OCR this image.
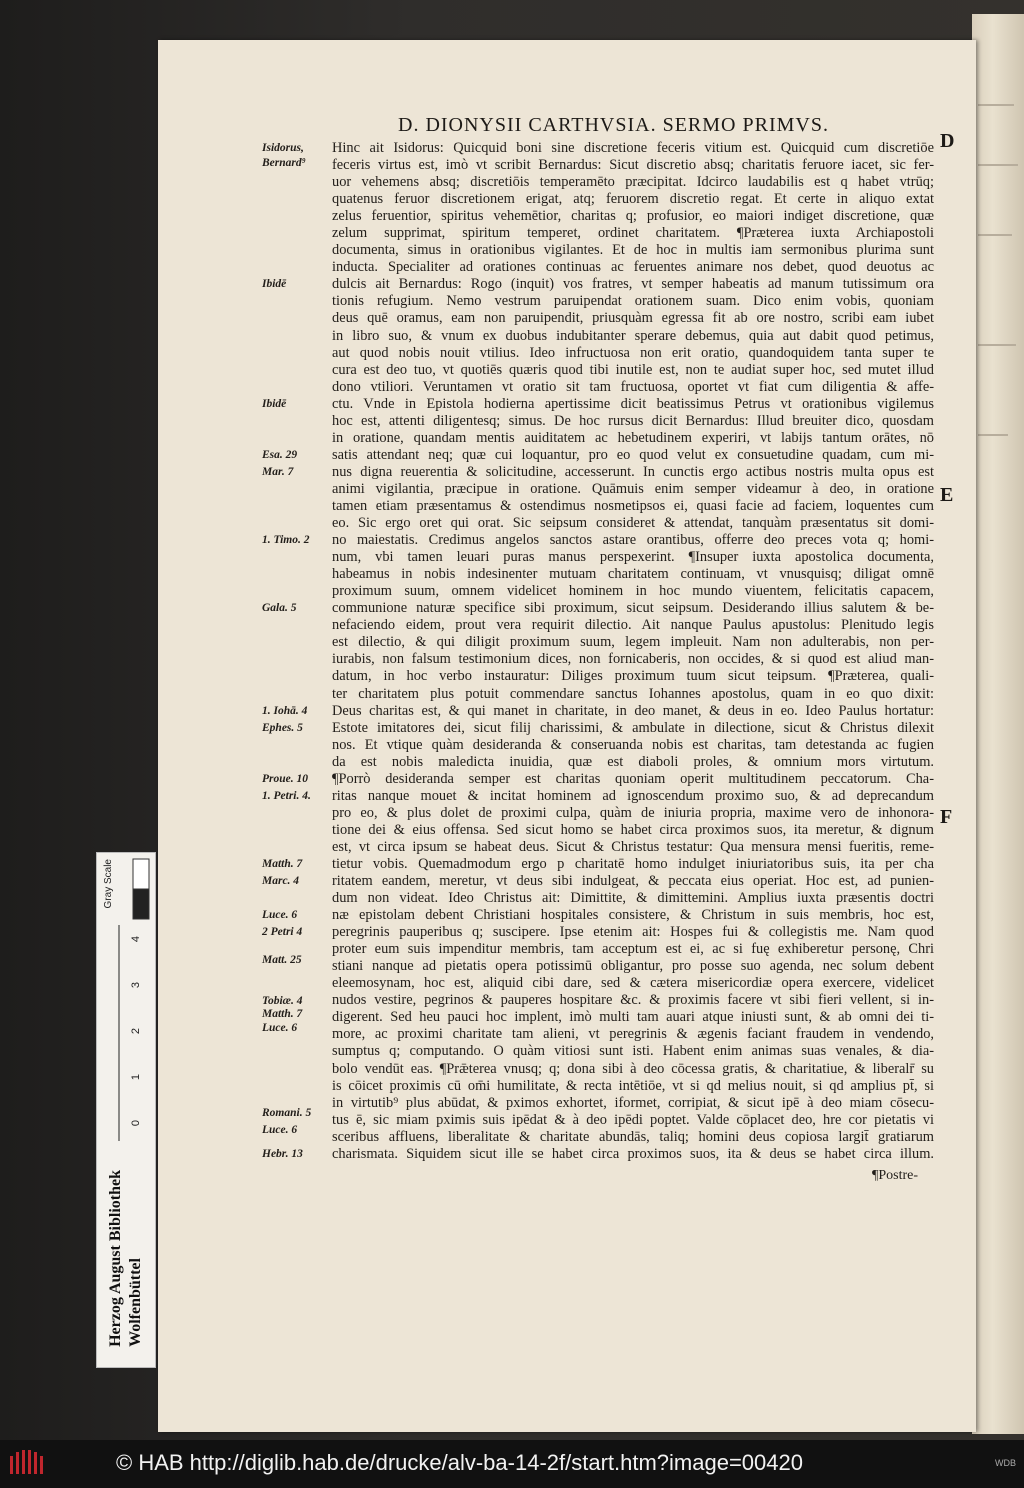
D. DIONYSII CARTHVSIA. SERMO PRIMVS.
D
E
F
Hinc ait Isidorus: Quicquid boni sine discretione feceris vitium est. Quicquid cum discretiōe
feceris virtus est, imò vt scribit Bernardus: Sicut discretio absq; charitatis feruore iacet, sic fer-
uor vehemens absq; discretiōis temperamēto præcipitat. Idcirco laudabilis est q habet vtrūq;
quatenus feruor discretionem erigat, atq; feruorem discretio regat. Et certe in aliquo extat
zelus feruentior, spiritus vehemētior, charitas q; profusior, eo maiori indiget discretione, quæ
zelum supprimat, spiritum temperet, ordinet charitatem. ¶Præterea iuxta Archiapostoli
documenta, simus in orationibus vigilantes. Et de hoc in multis iam sermonibus plurima sunt
inducta. Specialiter ad orationes continuas ac feruentes animare nos debet, quod deuotus ac
dulcis ait Bernardus: Rogo (inquit) vos fratres, vt semper habeatis ad manum tutissimum ora
tionis refugium. Nemo vestrum paruipendat orationem suam. Dico enim vobis, quoniam
deus quē oramus, eam non paruipendit, priusquàm egressa fit ab ore nostro, scribi eam iubet
in libro suo, & vnum ex duobus indubitanter sperare debemus, quia aut dabit quod petimus,
aut quod nobis nouit vtilius. Ideo infructuosa non erit oratio, quandoquidem tanta super te
cura est deo tuo, vt quotiēs quæris quod tibi inutile est, non te audiat super hoc, sed mutet illud
dono vtiliori. Veruntamen vt oratio sit tam fructuosa, oportet vt fiat cum diligentia & affe-
ctu. Vnde in Epistola hodierna apertissime dicit beatissimus Petrus vt orationibus vigilemus
hoc est, attenti diligentesq; simus. De hoc rursus dicit Bernardus: Illud breuiter dico, quosdam
in oratione, quandam mentis auiditatem ac hebetudinem experiri, vt labijs tantum orātes, nō
satis attendant neq; quæ cui loquantur, pro eo quod velut ex consuetudine quadam, cum mi-
nus digna reuerentia & solicitudine, accesserunt. In cunctis ergo actibus nostris multa opus est
animi vigilantia, præcipue in oratione. Quāmuis enim semper videamur à deo, in oratione
tamen etiam præsentamus & ostendimus nosmetipsos ei, quasi facie ad faciem, loquentes cum
eo. Sic ergo oret qui orat. Sic seipsum consideret & attendat, tanquàm præsentatus sit domi-
no maiestatis. Credimus angelos sanctos astare orantibus, offerre deo preces vota q; homi-
num, vbi tamen leuari puras manus perspexerint. ¶Insuper iuxta apostolica documenta,
habeamus in nobis indesinenter mutuam charitatem continuam, vt vnusquisq; diligat omnē
proximum suum, omnem videlicet hominem in hoc mundo viuentem, felicitatis capacem,
communione naturæ specifice sibi proximum, sicut seipsum. Desiderando illius salutem & be-
nefaciendo eidem, prout vera requirit dilectio. Ait nanque Paulus apustolus: Plenitudo legis
est dilectio, & qui diligit proximum suum, legem impleuit. Nam non adulterabis, non per-
iurabis, non falsum testimonium dices, non fornicaberis, non occides, & si quod est aliud man-
datum, in hoc verbo instauratur: Diliges proximum tuum sicut teipsum. ¶Præterea, quali-
ter charitatem plus potuit commendare sanctus Iohannes apostolus, quam in eo quo dixit:
Deus charitas est, & qui manet in charitate, in deo manet, & deus in eo. Ideo Paulus hortatur:
Estote imitatores dei, sicut filij charissimi, & ambulate in dilectione, sicut & Christus dilexit
nos. Et vtique quàm desideranda & conseruanda nobis est charitas, tam detestanda ac fugien
da est nobis maledicta inuidia, quæ est diaboli proles, & omnium mors virtutum.
¶Porrò desideranda semper est charitas quoniam operit multitudinem peccatorum. Cha-
ritas nanque mouet & incitat hominem ad ignoscendum proximo suo, & ad deprecandum
pro eo, & plus dolet de proximi culpa, quàm de iniuria propria, maxime vero de inhonora-
tione dei & eius offensa. Sed sicut homo se habet circa proximos suos, ita meretur, & dignum
est, vt circa ipsum se habeat deus. Sicut & Christus testatur: Qua mensura mensi fueritis, reme-
tietur vobis. Quemadmodum ergo p charitatē homo indulget iniuriatoribus suis, ita per cha
ritatem eandem, meretur, vt deus sibi indulgeat, & peccata eius operiat. Hoc est, ad punien-
dum non videat. Ideo Christus ait: Dimittite, & dimittemini. Amplius iuxta præsentis doctri
næ epistolam debent Christiani hospitales consistere, & Christum in suis membris, hoc est,
peregrinis pauperibus q; suscipere. Ipse etenim ait: Hospes fui & collegistis me. Nam quod
proter eum suis impenditur membris, tam acceptum est ei, ac si fuę exhiberetur personę, Chri
stiani nanque ad pietatis opera potissimū obligantur, pro posse suo agenda, nec solum debent
eleemosynam, hoc est, aliquid cibi dare, sed & cætera misericordiæ opera exercere, videlicet
nudos vestire, pegrinos & pauperes hospitare &c. & proximis facere vt sibi fieri vellent, si in-
digerent. Sed heu pauci hoc implent, imò multi tam auari atque iniusti sunt, & ab omni dei ti-
more, ac proximi charitate tam alieni, vt peregrinis & ægenis faciant fraudem in vendendo,
sumptus q; computando. O quàm vitiosi sunt isti. Habent enim animas suas venales, & dia-
bolo vendūt eas. ¶Prǣterea vnusq; q; dona sibi à deo cōcessa gratis, & charitatiue, & liberalr̄ su
is cōicet proximis cū om̄i humilitate, & recta intētiōe, vt si qd melius nouit, si qd amplius pt̄, si
in virtutib⁹ plus abūdat, & pximos exhortet, iformet, corripiat, & sicut ipē à deo miam cōsecu-
tus ē, sic miam pximis suis ipēdat & à deo ipēdi poptet. Valde cōplacet deo, hre cor pietatis vi
sceribus affluens, liberalitate & charitate abundās, taliq; homini deus copiosa largit̄ gratiarum
charismata. Siquidem sicut ille se habet circa proximos suos, ita & deus se habet circa illum.
Isidorus,
Bernard⁹
Ibidē
Ibidē
Esa. 29
Mar. 7
1. Timo. 2
Gala. 5
1. Iohā. 4
Ephes. 5
Prouе. 10
1. Petri. 4.
Matth. 7
Marc. 4
Luce. 6
2 Petri 4
Matt. 25
Tobiæ. 4
Matth. 7
Luce. 6
Romani. 5
Luce. 6
Hebr. 13
¶Postre-
Gray Scale
4
3
2
1
0
Herzog August Bibliothek Wolfenbüttel
© HAB http://diglib.hab.de/drucke/alv-ba-14-2f/start.htm?image=00420	WDB
